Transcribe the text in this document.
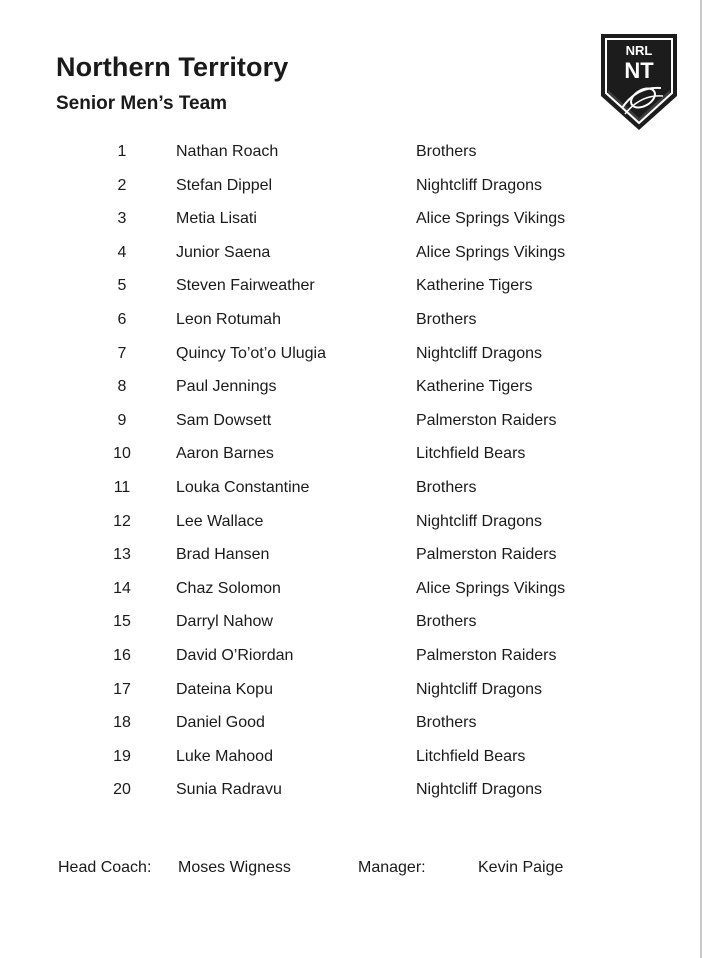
Northern Territory
Senior Men’s Team
NRL
NT
1	Nathan Roach	Brothers
2	Stefan Dippel	Nightcliff Dragons
3	Metia Lisati	Alice Springs Vikings
4	Junior Saena	Alice Springs Vikings
5	Steven Fairweather	Katherine Tigers
6	Leon Rotumah	Brothers
7	Quincy To’ot’o Ulugia	Nightcliff Dragons
8	Paul Jennings	Katherine Tigers
9	Sam Dowsett	Palmerston Raiders
10	Aaron Barnes	Litchfield Bears
11	Louka Constantine	Brothers
12	Lee Wallace	Nightcliff Dragons
13	Brad Hansen	Palmerston Raiders
14	Chaz Solomon	Alice Springs Vikings
15	Darryl Nahow	Brothers
16	David O’Riordan	Palmerston Raiders
17	Dateina Kopu	Nightcliff Dragons
18	Daniel Good	Brothers
19	Luke Mahood	Litchfield Bears
20	Sunia Radravu	Nightcliff Dragons
Head Coach: Moses Wigness	Manager:	Kevin Paige
